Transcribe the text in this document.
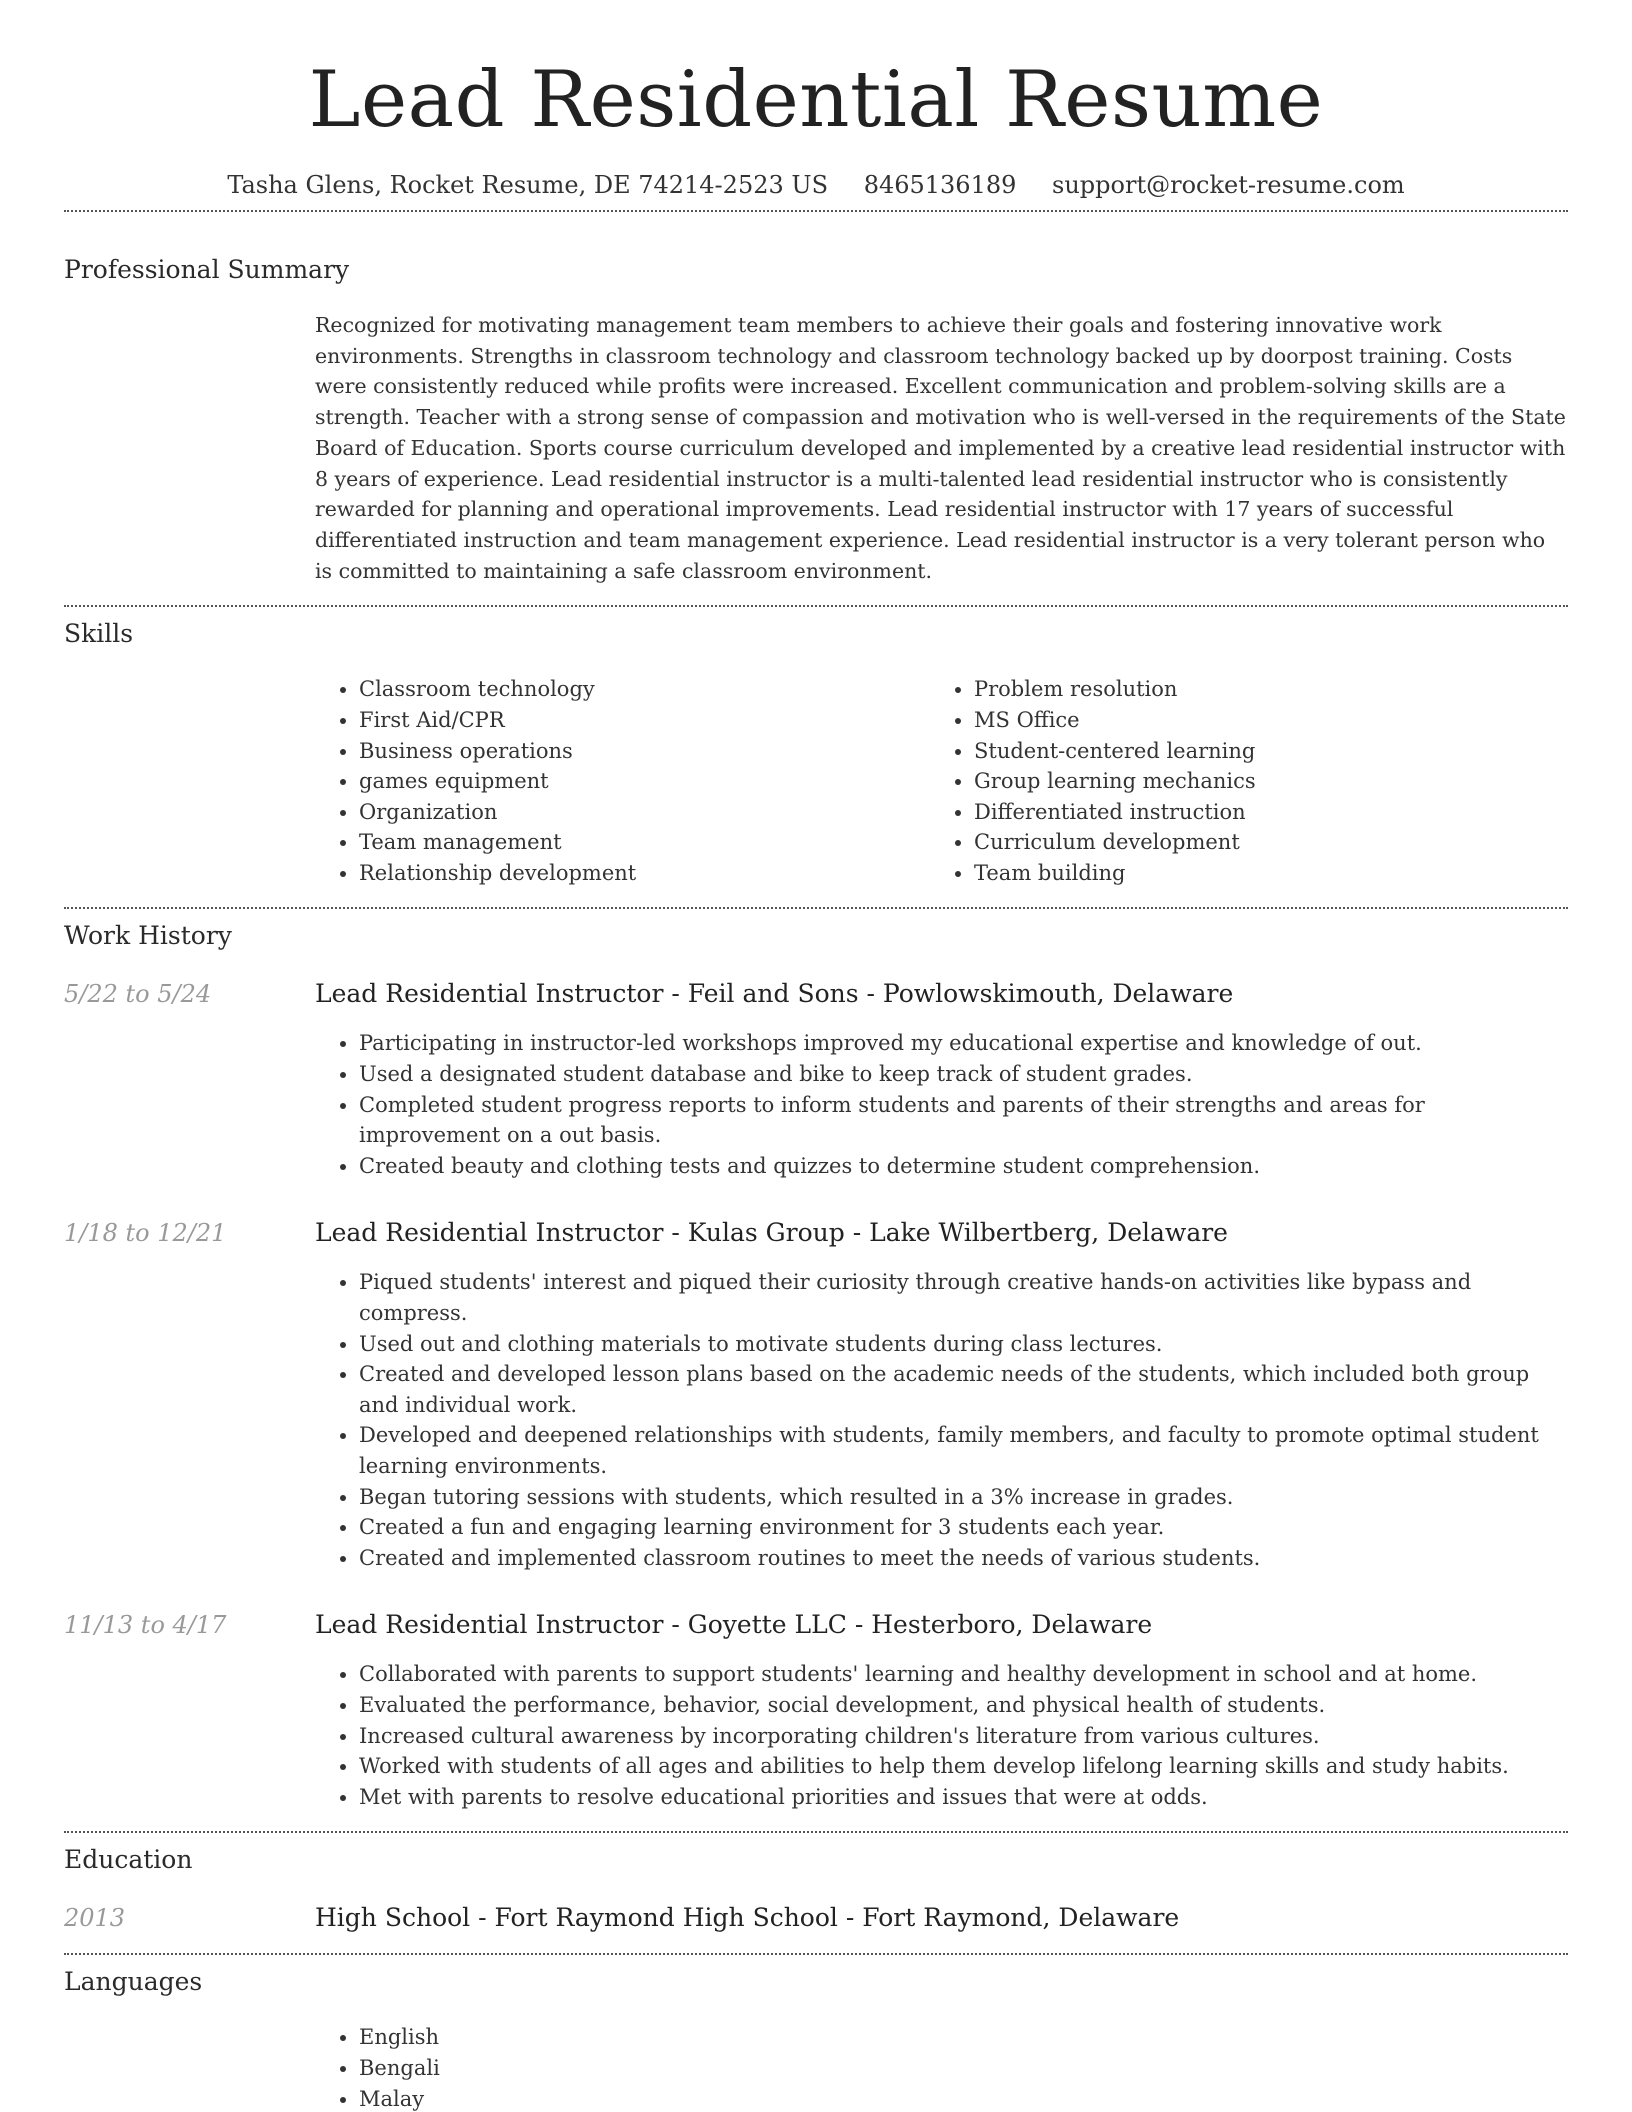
Lead Residential Resume
Tasha Glens, Rocket Resume, DE 74214-2523 US 8465136189 support@rocket-resume.com
Professional Summary

Recognized for motivating management team members to achieve their goals and fostering innovative work environments. Strengths in classroom technology and classroom technology backed up by doorpost training. Costs were consistently reduced while profits were increased. Excellent communication and problem-solving skills are a strength. Teacher with a strong sense of compassion and motivation who is well-versed in the requirements of the State Board of Education. Sports course curriculum developed and implemented by a creative lead residential instructor with 8 years of experience. Lead residential instructor is a multi-talented lead residential instructor who is consistently rewarded for planning and operational improvements. Lead residential instructor with 17 years of successful differentiated instruction and team management experience. Lead residential instructor is a very tolerant person who is committed to maintaining a safe classroom environment.

Skills
• Classroom technology
• First Aid/CPR
• Business operations
• games equipment
• Organization
• Team management
• Relationship development
• Problem resolution
• MS Office
• Student-centered learning
• Group learning mechanics
• Differentiated instruction
• Curriculum development
• Team building
Work History
5/22 to 5/24	Lead Residential Instructor - Feil and Sons - Powlowskimouth, Delaware
• Participating in instructor-led workshops improved my educational expertise and knowledge of out.
• Used a designated student database and bike to keep track of student grades.
• Completed student progress reports to inform students and parents of their strengths and areas for improvement on a out basis.
• Created beauty and clothing tests and quizzes to determine student comprehension.
1/18 to 12/21	Lead Residential Instructor - Kulas Group - Lake Wilbertberg, Delaware
• Piqued students' interest and piqued their curiosity through creative hands-on activities like bypass and compress.
• Used out and clothing materials to motivate students during class lectures.
• Created and developed lesson plans based on the academic needs of the students, which included both group and individual work.
• Developed and deepened relationships with students, family members, and faculty to promote optimal student learning environments.
• Began tutoring sessions with students, which resulted in a 3% increase in grades.
• Created a fun and engaging learning environment for 3 students each year.
• Created and implemented classroom routines to meet the needs of various students.
11/13 to 4/17	Lead Residential Instructor - Goyette LLC - Hesterboro, Delaware
• Collaborated with parents to support students' learning and healthy development in school and at home.
• Evaluated the performance, behavior, social development, and physical health of students.
• Increased cultural awareness by incorporating children's literature from various cultures.
• Worked with students of all ages and abilities to help them develop lifelong learning skills and study habits.
• Met with parents to resolve educational priorities and issues that were at odds.
Education
2013	High School - Fort Raymond High School - Fort Raymond, Delaware
Languages
• English
• Bengali
• Malay
